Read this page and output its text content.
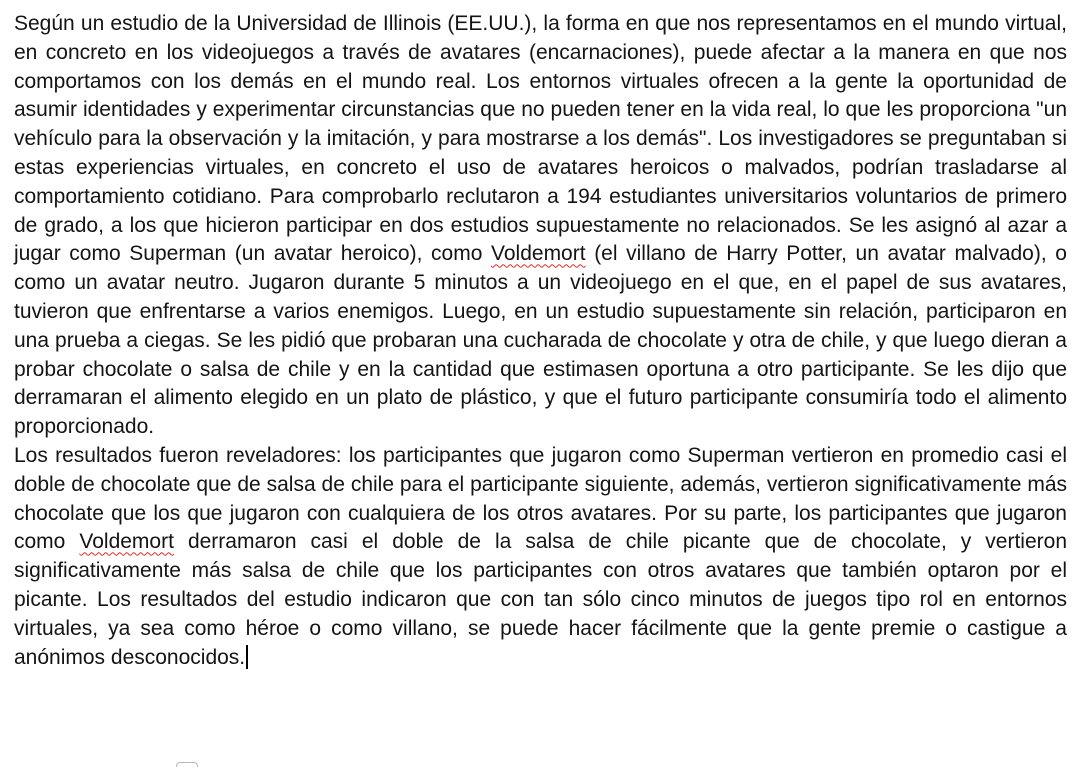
Según un estudio de la Universidad de Illinois (EE.UU.), la forma en que nos representamos en el mundo virtual, en concreto en los videojuegos a través de avatares (encarnaciones), puede afectar a la manera en que nos comportamos con los demás en el mundo real. Los entornos virtuales ofrecen a la gente la oportunidad de asumir identidades y experimentar circunstancias que no pueden tener en la vida real, lo que les proporciona "un vehículo para la observación y la imitación, y para mostrarse a los demás". Los investigadores se preguntaban si estas experiencias virtuales, en concreto el uso de avatares heroicos o malvados, podrían trasladarse al comportamiento cotidiano. Para comprobarlo reclutaron a 194 estudiantes universitarios voluntarios de primero de grado, a los que hicieron participar en dos estudios supuestamente no relacionados. Se les asignó al azar a jugar como Superman (un avatar heroico), como Voldemort (el villano de Harry Potter, un avatar malvado), o como un avatar neutro. Jugaron durante 5 minutos a un videojuego en el que, en el papel de sus avatares, tuvieron que enfrentarse a varios enemigos. Luego, en un estudio supuestamente sin relación, participaron en una prueba a ciegas. Se les pidió que probaran una cucharada de chocolate y otra de chile, y que luego dieran a probar chocolate o salsa de chile y en la cantidad que estimasen oportuna a otro participante. Se les dijo que derramaran el alimento elegido en un plato de plástico, y que el futuro participante consumiría todo el alimento proporcionado.

Los resultados fueron reveladores: los participantes que jugaron como Superman vertieron en promedio casi el doble de chocolate que de salsa de chile para el participante siguiente, además, vertieron significativamente más chocolate que los que jugaron con cualquiera de los otros avatares. Por su parte, los participantes que jugaron como Voldemort derramaron casi el doble de la salsa de chile picante que de chocolate, y vertieron significativamente más salsa de chile que los participantes con otros avatares que también optaron por el picante. Los resultados del estudio indicaron que con tan sólo cinco minutos de juegos tipo rol en entornos virtuales, ya sea como héroe o como villano, se puede hacer fácilmente que la gente premie o castigue a anónimos desconocidos.
